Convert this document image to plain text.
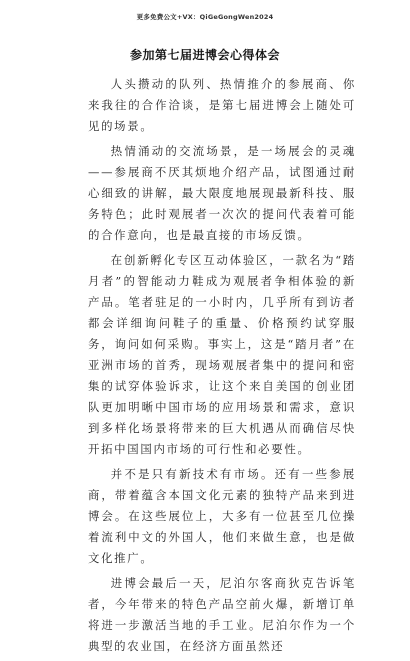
更多免费公文+VX：QiGeGongWen2024
参加第七届进博会心得体会

人头攒动的队列、热情推介的参展商、你来我往的合作洽谈，是第七届进博会上随处可见的场景。

热情涌动的交流场景，是一场展会的灵魂——参展商不厌其烦地介绍产品，试图通过耐心细致的讲解，最大限度地展现最新科技、服务特色；此时观展者一次次的提问代表着可能的合作意向，也是最直接的市场反馈。

在创新孵化专区互动体验区，一款名为“踏月者”的智能动力鞋成为观展者争相体验的新产品。笔者驻足的一小时内，几乎所有到访者都会详细询问鞋子的重量、价格预约试穿服务，询问如何采购。事实上，这是“踏月者”在亚洲市场的首秀，现场观展者集中的提问和密集的试穿体验诉求，让这个来自美国的创业团队更加明晰中国市场的应用场景和需求，意识到多样化场景将带来的巨大机遇从而确信尽快开拓中国国内市场的可行性和必要性。

并不是只有新技术有市场。还有一些参展商，带着蕴含本国文化元素的独特产品来到进博会。在这些展位上，大多有一位甚至几位操着流利中文的外国人，他们来做生意，也是做文化推广。

进博会最后一天，尼泊尔客商狄克告诉笔者，今年带来的特色产品空前火爆，新增订单将进一步激活当地的手工业。尼泊尔作为一个典型的农业国，在经济方面虽然还
